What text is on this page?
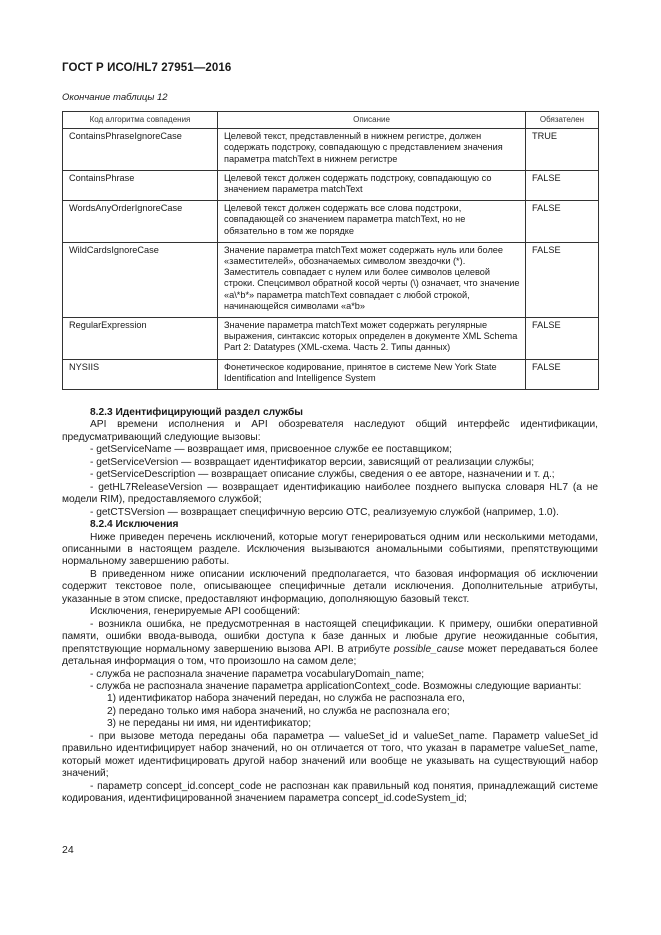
ГОСТ Р ИСО/HL7 27951—2016
Окончание таблицы 12
Код алгоритма совпадения	Описание	Обязателен
ContainsPhraseIgnoreCase	Целевой текст, представленный в нижнем регистре, должен содержать подстроку, совпадающую с представлением значения параметра matchText в нижнем регистре	TRUE
ContainsPhrase	Целевой текст должен содержать подстроку, совпадающую со значением параметра matchText	FALSE
WordsAnyOrderIgnoreCase	Целевой текст должен содержать все слова подстроки, совпадающей со значением параметра matchText, но не обязательно в том же порядке	FALSE
WildCardsIgnoreCase	Значение параметра matchText может содержать нуль или более «заместителей», обозначаемых символом звездочки (*). Заместитель совпадает с нулем или более символов целевой строки. Спецсимвол обратной косой черты (\) означает, что значение «a\*b*» параметра matchText совпадает с любой строкой, начинающейся символами «a*b»	FALSE
RegularExpression	Значение параметра matchText может содержать регулярные выражения, синтаксис которых определен в документе XML Schema Part 2: Datatypes (XML-схема. Часть 2. Типы данных)	FALSE
NYSIIS	Фонетическое кодирование, принятое в системе New York State Identification and Intelligence System	FALSE

8.2.3 Идентифицирующий раздел службы

API времени исполнения и API обозревателя наследуют общий интерфейс идентификации, предусматривающий следующие вызовы:

- getServiceName — возвращает имя, присвоенное службе ее поставщиком;

- getServiceVersion — возвращает идентификатор версии, зависящий от реализации службы;

- getServiceDescription — возвращает описание службы, сведения о ее авторе, назначении и т. д.;

- getHL7ReleaseVersion — возвращает идентификацию наиболее позднего выпуска словаря HL7 (а не модели RIM), предоставляемого службой;

- getCTSVersion — возвращает специфичную версию ОТС, реализуемую службой (например, 1.0).

8.2.4 Исключения

Ниже приведен перечень исключений, которые могут генерироваться одним или несколькими методами, описанными в настоящем разделе. Исключения вызываются аномальными событиями, препятствующими нормальному завершению работы.

В приведенном ниже описании исключений предполагается, что базовая информация об исключении содержит текстовое поле, описывающее специфичные детали исключения. Дополнительные атрибуты, указанные в этом списке, предоставляют информацию, дополняющую базовый текст.

Исключения, генерируемые API сообщений:

- возникла ошибка, не предусмотренная в настоящей спецификации. К примеру, ошибки оперативной памяти, ошибки ввода-вывода, ошибки доступа к базе данных и любые другие неожиданные события, препятствующие нормальному завершению вызова API. В атрибуте possible_cause может передаваться более детальная информация о том, что произошло на самом деле;

- служба не распознала значение параметра vocabularyDomain_name;

- служба не распознала значение параметра applicationContext_code. Возможны следующие варианты:

1) идентификатор набора значений передан, но служба не распознала его,

2) передано только имя набора значений, но служба не распознала его;

3) не переданы ни имя, ни идентификатор;

- при вызове метода переданы оба параметра — valueSet_id и valueSet_name. Параметр valueSet_id правильно идентифицирует набор значений, но он отличается от того, что указан в параметре valueSet_name, который может идентифицировать другой набор значений или вообще не указывать на существующий набор значений;

- параметр concept_id.concept_code не распознан как правильный код понятия, принадлежащий системе кодирования, идентифицированной значением параметра concept_id.codeSystem_id;

24
